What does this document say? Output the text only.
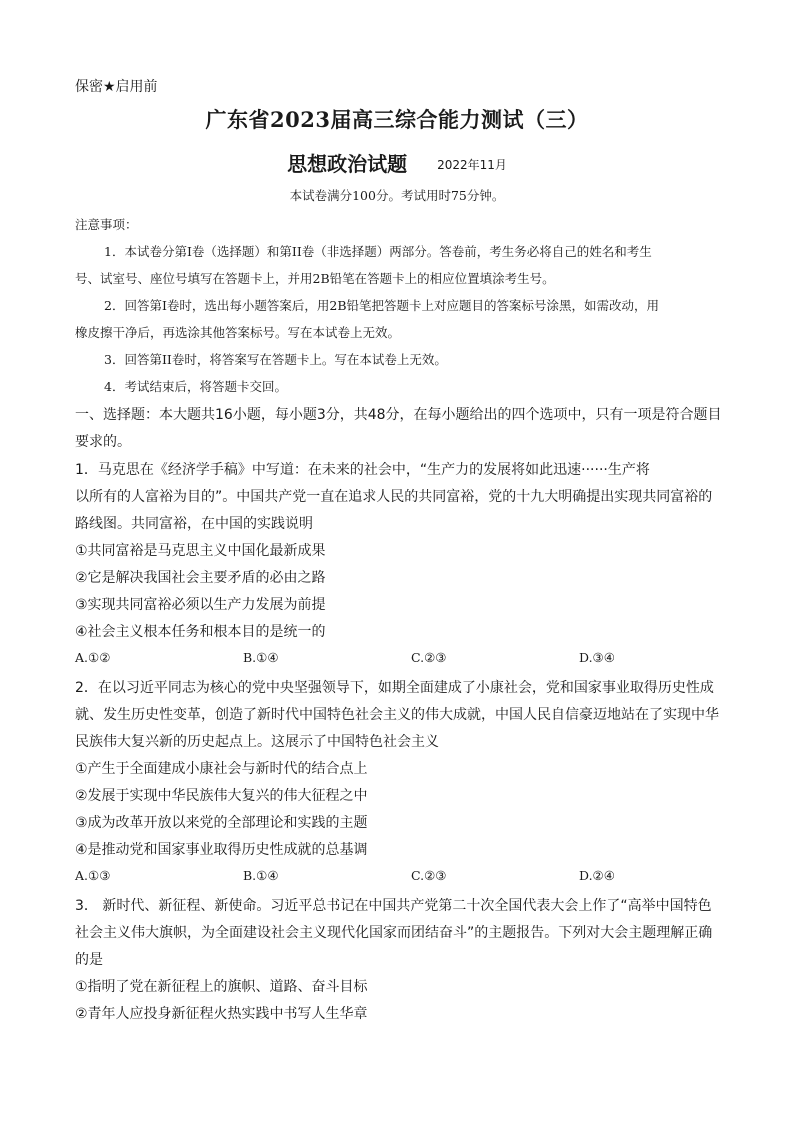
保密★启用前
广东省2023届高三综合能力测试（三）
思想政治试题	2022年11月
本试卷满分100分。考试用时75分钟。
注意事项：
1．本试卷分第I卷（选择题）和第II卷（非选择题）两部分。答卷前，考生务必将自己的姓名和考生
号、试室号、座位号填写在答题卡上，并用2B铅笔在答题卡上的相应位置填涂考生号。
2．回答第I卷时，选出每小题答案后，用2B铅笔把答题卡上对应题目的答案标号涂黑，如需改动，用
橡皮擦干净后，再选涂其他答案标号。写在本试卷上无效。
3．回答第II卷时，将答案写在答题卡上。写在本试卷上无效。
4．考试结束后，将答题卡交回。
一、选择题：本大题共16小题，每小题3分，共48分，在每小题给出的四个选项中，只有一项是符合题目
要求的。
1．马克思在《经济学手稿》中写道：在未来的社会中，“生产力的发展将如此迅速······生产将
以所有的人富裕为目的”。中国共产党一直在追求人民的共同富裕，党的十九大明确提出实现共同富裕的
路线图。共同富裕，在中国的实践说明
①共同富裕是马克思主义中国化最新成果
②它是解决我国社会主要矛盾的必由之路
③实现共同富裕必须以生产力发展为前提
④社会主义根本任务和根本目的是统一的
A.①②	B.①④	C.②③	D.③④
2．在以习近平同志为核心的党中央坚强领导下，如期全面建成了小康社会，党和国家事业取得历史性成
就、发生历史性变革，创造了新时代中国特色社会主义的伟大成就，中国人民自信豪迈地站在了实现中华
民族伟大复兴新的历史起点上。这展示了中国特色社会主义
①产生于全面建成小康社会与新时代的结合点上
②发展于实现中华民族伟大复兴的伟大征程之中
③成为改革开放以来党的全部理论和实践的主题
④是推动党和国家事业取得历史性成就的总基调
A.①③	B.①④	C.②③	D.②④
3． 新时代、新征程、新使命。习近平总书记在中国共产党第二十次全国代表大会上作了“高举中国特色
社会主义伟大旗帜，为全面建设社会主义现代化国家而团结奋斗”的主题报告。下列对大会主题理解正确
的是
①指明了党在新征程上的旗帜、道路、奋斗目标
②青年人应投身新征程火热实践中书写人生华章
